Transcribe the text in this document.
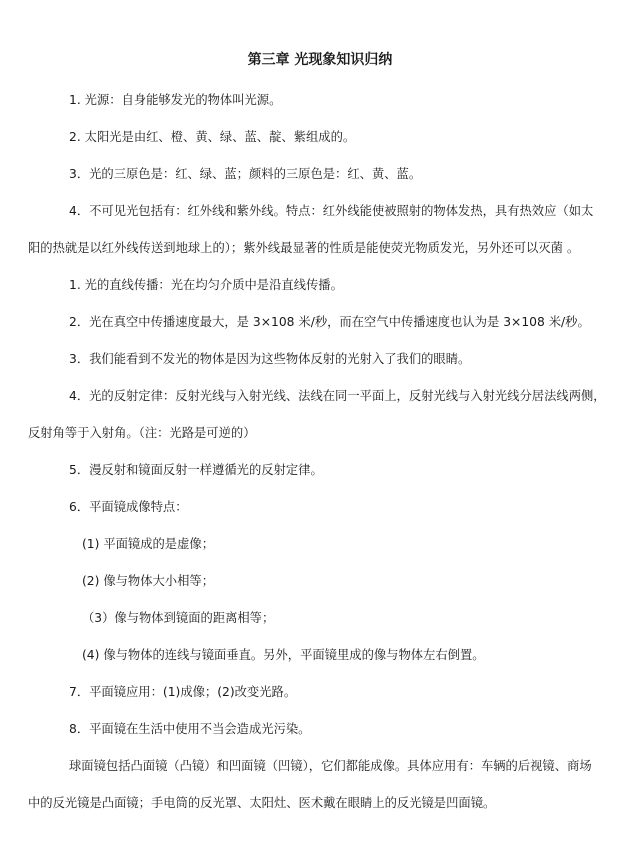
第三章 光现象知识归纳
1. 光源：自身能够发光的物体叫光源。
2. 太阳光是由红、橙、黄、绿、蓝、靛、紫组成的。
3．光的三原色是：红、绿、蓝；颜料的三原色是：红、黄、蓝。
4．不可见光包括有：红外线和紫外线。特点：红外线能使被照射的物体发热，具有热效应（如太
阳的热就是以红外线传送到地球上的）；紫外线最显著的性质是能使荧光物质发光，另外还可以灭菌 。
1. 光的直线传播：光在均匀介质中是沿直线传播。
2．光在真空中传播速度最大，是 3×108 米/秒，而在空气中传播速度也认为是 3×108 米/秒。
3．我们能看到不发光的物体是因为这些物体反射的光射入了我们的眼睛。
4．光的反射定律：反射光线与入射光线、法线在同一平面上，反射光线与入射光线分居法线两侧，
反射角等于入射角。（注：光路是可逆的）
5．漫反射和镜面反射一样遵循光的反射定律。
6．平面镜成像特点：
(1) 平面镜成的是虚像；
(2) 像与物体大小相等；
（3）像与物体到镜面的距离相等；
(4) 像与物体的连线与镜面垂直。另外，平面镜里成的像与物体左右倒置。
7．平面镜应用：(1)成像；(2)改变光路。
8．平面镜在生活中使用不当会造成光污染。
球面镜包括凸面镜（凸镜）和凹面镜（凹镜），它们都能成像。具体应用有：车辆的后视镜、商场
中的反光镜是凸面镜；手电筒的反光罩、太阳灶、医术戴在眼睛上的反光镜是凹面镜。
